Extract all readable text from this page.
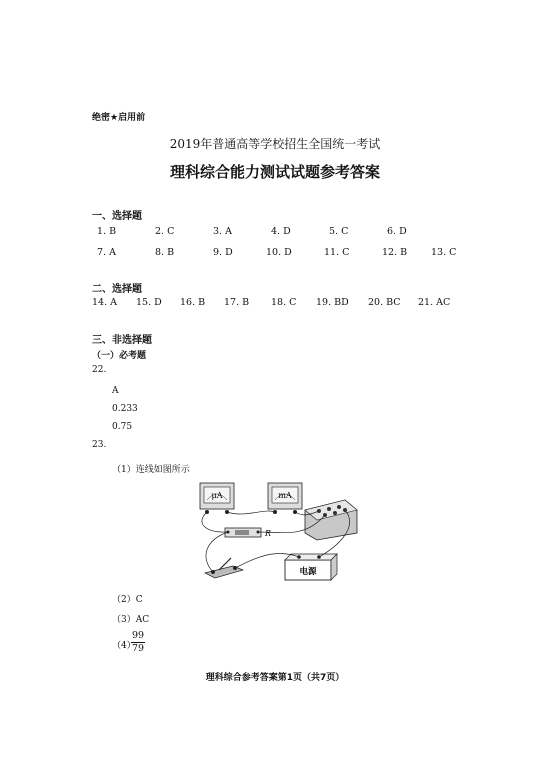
绝密★启用前
2019年普通高等学校招生全国统一考试
理科综合能力测试试题参考答案
一、选择题
1. B	2. C	3. A	4. D	5. C	6. D
7. A	8. B	9. D	10. D	11. C	12. B	13. C
二、选择题
14. A 15. D 16. B 17. B 18. C 19. BD 20. BC 21. AC
三、非选择题
（一）必考题
22.
A
0.233
0.75
23.
（1）连线如图所示
μA	mA
R
电源
（2）C
（3）AC
（4）
$\frac{99}{79}$
理科综合参考答案第1页（共7页）
